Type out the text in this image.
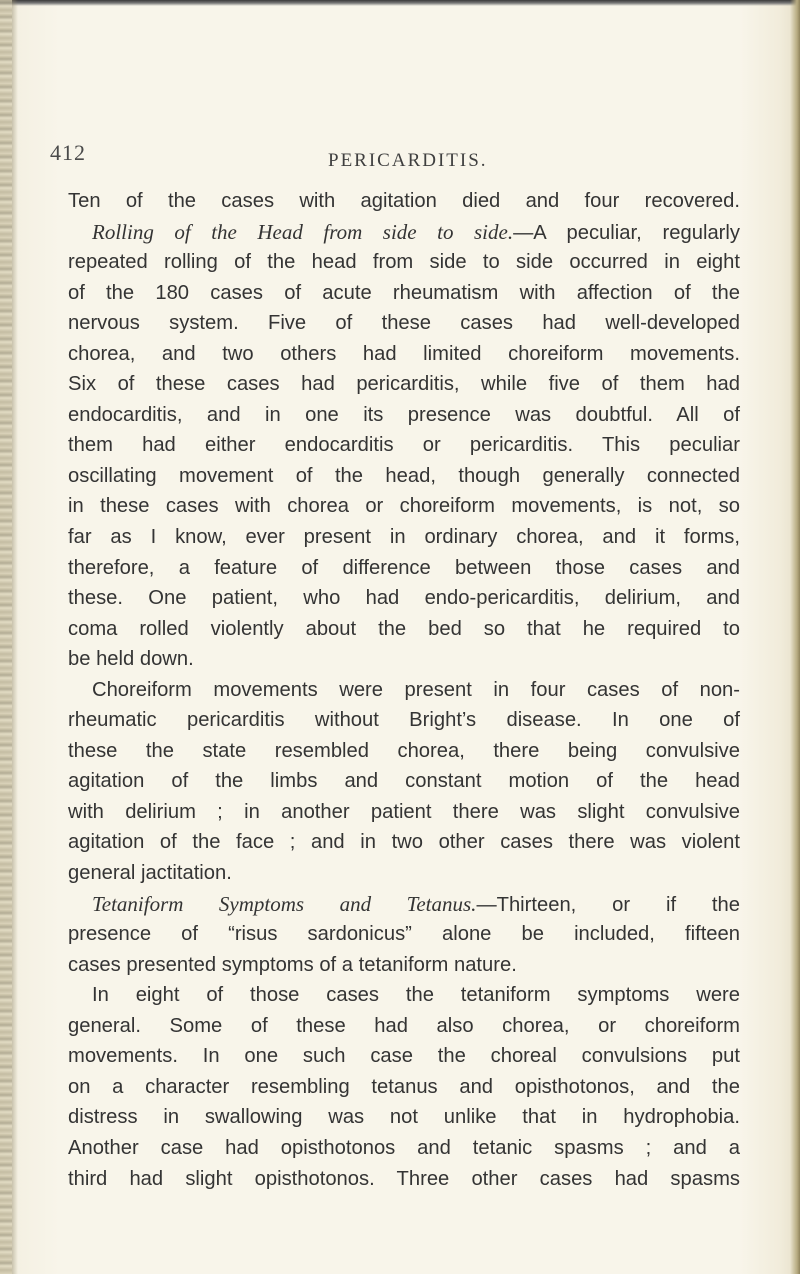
412	PERICARDITIS.
Ten of the cases with agitation died and four recovered.
Rolling of the Head from side to side.—A peculiar, regularly
repeated rolling of the head from side to side occurred in eight
of the 180 cases of acute rheumatism with affection of the
nervous system. Five of these cases had well-developed
chorea, and two others had limited choreiform movements.
Six of these cases had pericarditis, while five of them had
endocarditis, and in one its presence was doubtful. All of
them had either endocarditis or pericarditis. This peculiar
oscillating movement of the head, though generally connected
in these cases with chorea or choreiform movements, is not, so
far as I know, ever present in ordinary chorea, and it forms,
therefore, a feature of difference between those cases and
these. One patient, who had endo-pericarditis, delirium, and
coma rolled violently about the bed so that he required to
be held down.
Choreiform movements were present in four cases of non-
rheumatic pericarditis without Bright’s disease. In one of
these the state resembled chorea, there being convulsive
agitation of the limbs and constant motion of the head
with delirium ; in another patient there was slight convulsive
agitation of the face ; and in two other cases there was violent
general jactitation.
Tetaniform Symptoms and Tetanus.—Thirteen, or if the
presence of “risus sardonicus” alone be included, fifteen
cases presented symptoms of a tetaniform nature.
In eight of those cases the tetaniform symptoms were
general. Some of these had also chorea, or choreiform
movements. In one such case the choreal convulsions put
on a character resembling tetanus and opisthotonos, and the
distress in swallowing was not unlike that in hydrophobia.
Another case had opisthotonos and tetanic spasms ; and a
third had slight opisthotonos. Three other cases had spasms
